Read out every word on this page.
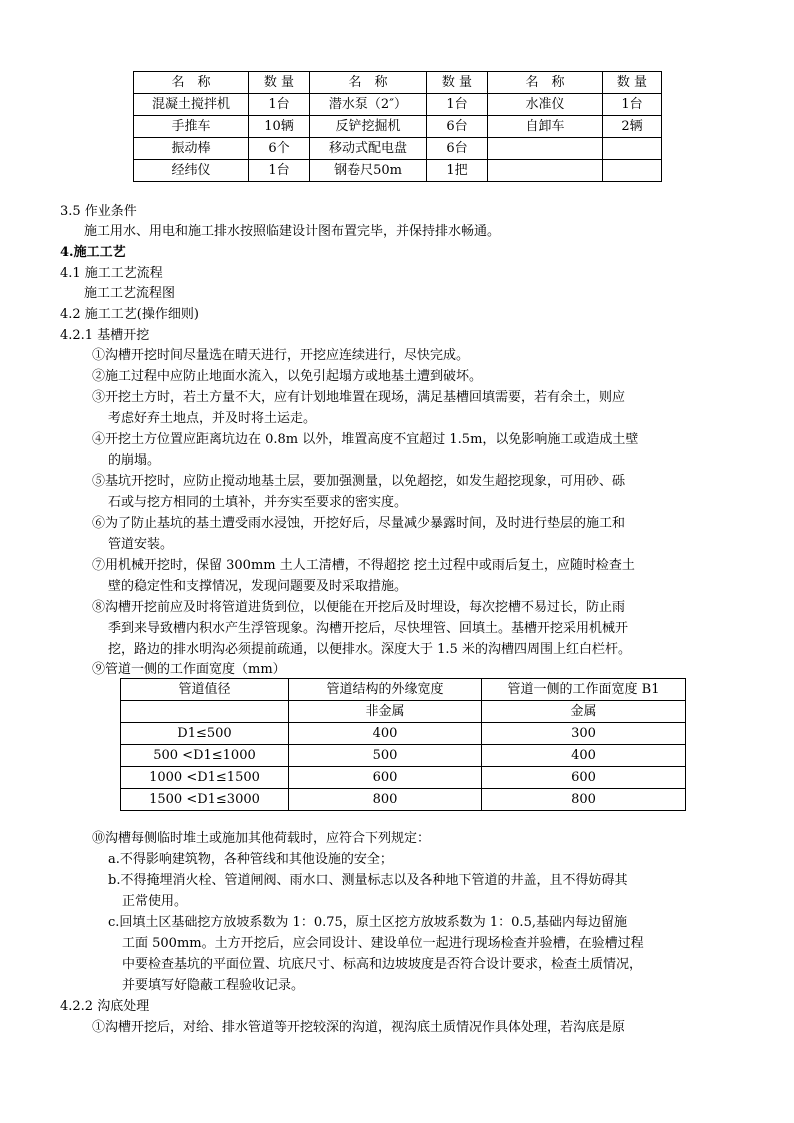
名　称	数 量	名　称	数 量	名　称	数 量
混凝土搅拌机	1台	潜水泵（2″）	1台	水准仪	1台
手推车	10辆	反铲挖掘机	6台	自卸车	2辆
振动棒	6个	移动式配电盘	6台		
经纬仪	1台	钢卷尺50m	1把		
3.5 作业条件
施工用水、用电和施工排水按照临建设计图布置完毕，并保持排水畅通。
4.施工工艺
4.1 施工工艺流程
施工工艺流程图
4.2 施工工艺(操作细则)
4.2.1 基槽开挖
①沟槽开挖时间尽量选在晴天进行，开挖应连续进行，尽快完成。
②施工过程中应防止地面水流入，以免引起塌方或地基土遭到破坏。
③开挖土方时，若土方量不大，应有计划地堆置在现场，满足基槽回填需要，若有余土，则应
考虑好弃土地点，并及时将土运走。
④开挖土方位置应距离坑边在 0.8m 以外，堆置高度不宜超过 1.5m，以免影响施工或造成土壁
的崩塌。
⑤基坑开挖时，应防止搅动地基土层，要加强测量，以免超挖，如发生超挖现象，可用砂、砾
石或与挖方相同的土填补，并夯实至要求的密实度。
⑥为了防止基坑的基土遭受雨水浸蚀，开挖好后，尽量减少暴露时间，及时进行垫层的施工和
管道安装。
⑦用机械开挖时，保留 300mm 土人工清槽，不得超挖 挖土过程中或雨后复土，应随时检查土
壁的稳定性和支撑情况，发现问题要及时采取措施。
⑧沟槽开挖前应及时将管道进货到位，以便能在开挖后及时埋设，每次挖槽不易过长，防止雨
季到来导致槽内积水产生浮管现象。沟槽开挖后，尽快埋管、回填土。基槽开挖采用机械开
挖，路边的排水明沟必须提前疏通，以便排水。深度大于 1.5 米的沟槽四周围上红白栏杆。
⑨管道一侧的工作面宽度（mm）
管道值径	管道结构的外缘宽度	管道一侧的工作面宽度 B1
	非金属	金属
D1≤500	400	300
500 <D1≤1000	500	400
1000 <D1≤1500	600	600
1500 <D1≤3000	800	800
⑩沟槽每侧临时堆土或施加其他荷载时，应符合下列规定：
a.不得影响建筑物，各种管线和其他设施的安全；
b.不得掩埋消火栓、管道闸阀、雨水口、测量标志以及各种地下管道的井盖，且不得妨碍其
正常使用。
c.回填土区基础挖方放坡系数为 1：0.75，原土区挖方放坡系数为 1：0.5,基础内每边留施
工面 500mm。土方开挖后，应会同设计、建设单位一起进行现场检查并验槽，在验槽过程
中要检查基坑的平面位置、坑底尺寸、标高和边坡坡度是否符合设计要求，检查土质情况，
并要填写好隐蔽工程验收记录。
4.2.2 沟底处理
①沟槽开挖后，对给、排水管道等开挖较深的沟道，视沟底土质情况作具体处理，若沟底是原
